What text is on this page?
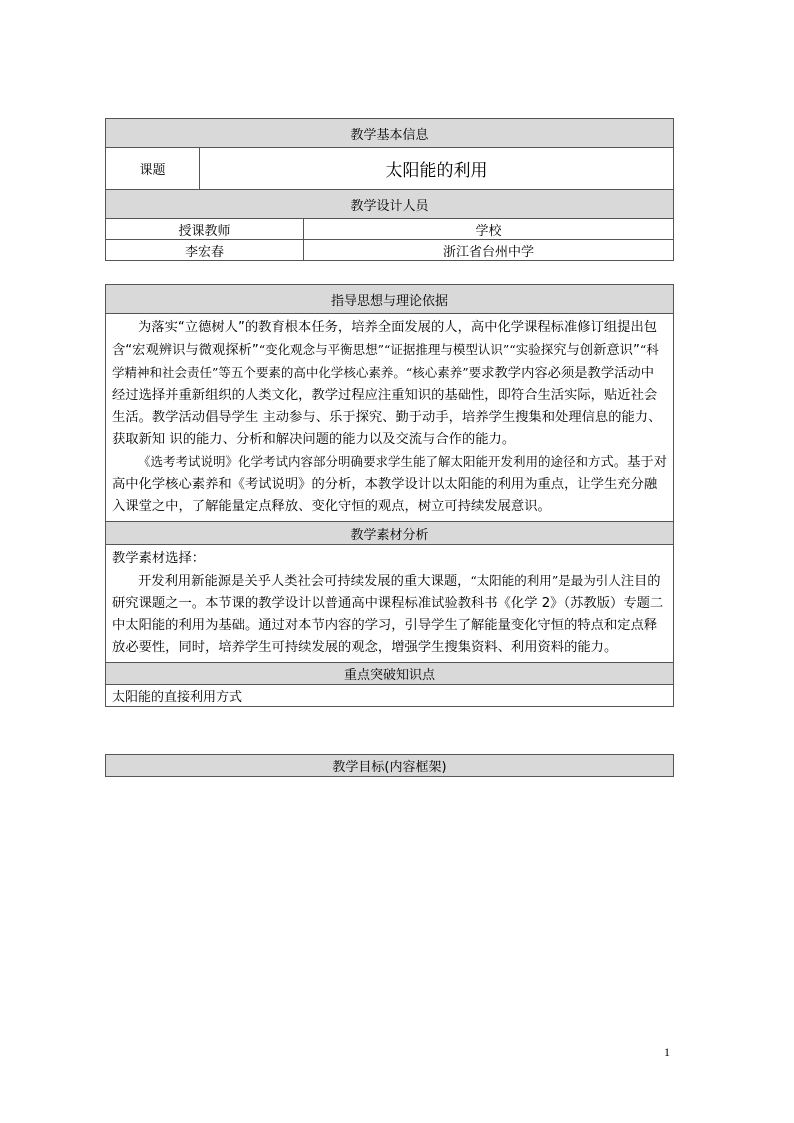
教学基本信息		
课题	太阳能的利用	
教学设计人员		
授课教师		学校
李宏春		浙江省台州中学
指导思想与理论依据

为落实“立德树人”的教育根本任务，培养全面发展的人，高中化学课程标准修订组提出包含“宏观辨识与微观探析”“变化观念与平衡思想”“证据推理与模型认识”“实验探究与创新意识”“科学精神和社会责任”等五个要素的高中化学核心素养。“核心素养”要求教学内容必须是教学活动中经过选择并重新组织的人类文化，教学过程应注重知识的基础性，即符合生活实际，贴近社会生活。教学活动倡导学生 主动参与、乐于探究、勤于动手，培养学生搜集和处理信息的能力、获取新知 识的能力、分析和解决问题的能力以及交流与合作的能力。

《选考考试说明》化学考试内容部分明确要求学生能了解太阳能开发利用的途径和方式。基于对高中化学核心素养和《考试说明》的分析，本教学设计以太阳能的利用为重点，让学生充分融入课堂之中，了解能量定点释放、变化守恒的观点，树立可持续发展意识。

教学素材分析

教学素材选择：

开发利用新能源是关乎人类社会可持续发展的重大课题，“太阳能的利用”是最为引人注目的研究课题之一。本节课的教学设计以普通高中课程标准试验教科书《化学 2》（苏教版）专题二中太阳能的利用为基础。通过对本节内容的学习，引导学生了解能量变化守恒的特点和定点释放必要性，同时，培养学生可持续发展的观念，增强学生搜集资料、利用资料的能力。

重点突破知识点
太阳能的直接利用方式
教学目标(内容框架)
1
